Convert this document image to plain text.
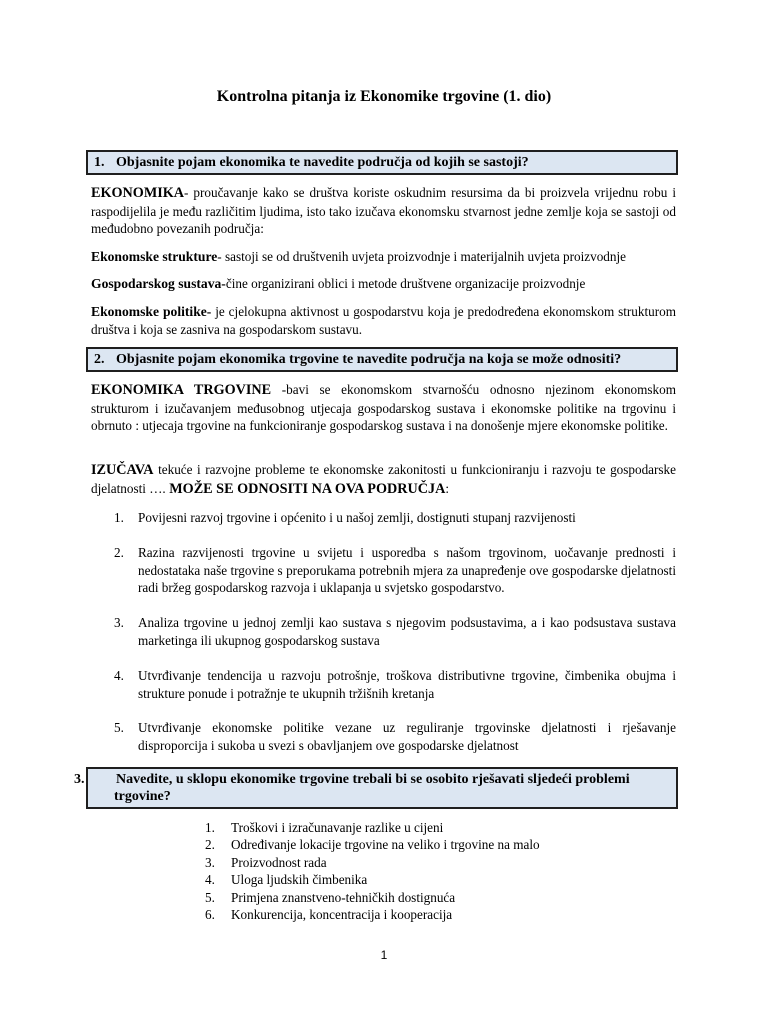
Kontrolna pitanja iz Ekonomike trgovine (1. dio)
1. Objasnite pojam ekonomika te navedite područja od kojih se sastoji?
EKONOMIKA- proučavanje kako se društva koriste oskudnim resursima da bi proizvela vrijednu robu i raspodijelila je među različitim ljudima, isto tako izučava ekonomsku stvarnost jedne zemlje koja se sastoji od međudobno povezanih područja:
Ekonomske strukture- sastoji se od društvenih uvjeta proizvodnje i materijalnih uvjeta proizvodnje
Gospodarskog sustava-čine organizirani oblici i metode društvene organizacije proizvodnje
Ekonomske politike- je cjelokupna aktivnost u gospodarstvu koja je predodređena ekonomskom strukturom društva i koja se zasniva na gospodarskom sustavu.
2. Objasnite pojam ekonomika trgovine te navedite područja na koja se može odnositi?
EKONOMIKA TRGOVINE -bavi se ekonomskom stvarnošću odnosno njezinom ekonomskom strukturom i izučavanjem međusobnog utjecaja gospodarskog sustava i ekonomske politike na trgovinu i obrnuto : utjecaja trgovine na funkcioniranje gospodarskog sustava i na donošenje mjere ekonomske politike.
IZUČAVA tekuće i razvojne probleme te ekonomske zakonitosti u funkcioniranju i razvoju te gospodarske djelatnosti …. MOŽE SE ODNOSITI NA OVA PODRUČJA:
1. Povijesni razvoj trgovine i općenito i u našoj zemlji, dostignuti stupanj razvijenosti
2. Razina razvijenosti trgovine u svijetu i usporedba s našom trgovinom, uočavanje prednosti i nedostataka naše trgovine s preporukama potrebnih mjera za unapređenje ove gospodarske djelatnosti radi bržeg gospodarskog razvoja i uklapanja u svjetsko gospodarstvo.
3. Analiza trgovine u jednoj zemlji kao sustava s njegovim podsustavima, a i kao podsustava sustava marketinga ili ukupnog gospodarskog sustava
4. Utvrđivanje tendencija u razvoju potrošnje, troškova distributivne trgovine, čimbenika obujma i strukture ponude i potražnje te ukupnih tržišnih kretanja
5. Utvrđivanje ekonomske politike vezane uz reguliranje trgovinske djelatnosti i rješavanje disproporcija i sukoba u svezi s obavljanjem ove gospodarske djelatnost
3. Navedite, u sklopu ekonomike trgovine trebali bi se osobito rješavati sljedeći problemi trgovine?
1. Troškovi i izračunavanje razlike u cijeni
2. Određivanje lokacije trgovine na veliko i trgovine na malo
3. Proizvodnost rada
4. Uloga ljudskih čimbenika
5. Primjena znanstveno-tehničkih dostignuća
6. Konkurencija, koncentracija i kooperacija
1
